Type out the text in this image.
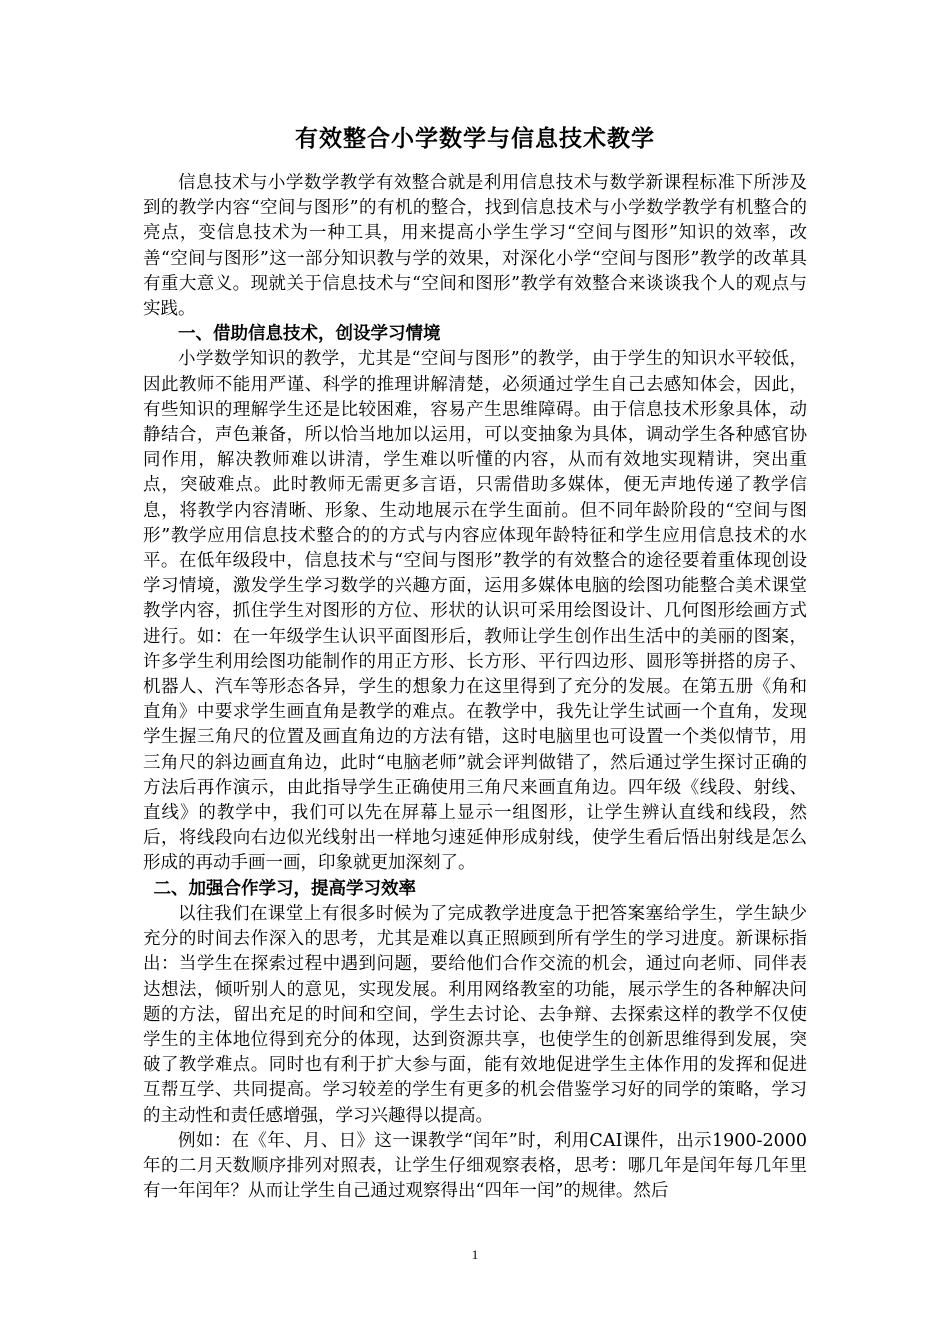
有效整合小学数学与信息技术教学

信息技术与小学数学教学有效整合就是利用信息技术与数学新课程标准下所涉及到的教学内容“空间与图形”的有机的整合，找到信息技术与小学数学教学有机整合的亮点，变信息技术为一种工具，用来提高小学生学习“空间与图形”知识的效率，改善“空间与图形”这一部分知识教与学的效果，对深化小学“空间与图形”教学的改革具有重大意义。现就关于信息技术与“空间和图形”教学有效整合来谈谈我个人的观点与实践。

一、借助信息技术，创设学习情境

小学数学知识的教学，尤其是“空间与图形”的教学，由于学生的知识水平较低，因此教师不能用严谨、科学的推理讲解清楚，必须通过学生自己去感知体会，因此，有些知识的理解学生还是比较困难，容易产生思维障碍。由于信息技术形象具体，动静结合，声色兼备，所以恰当地加以运用，可以变抽象为具体，调动学生各种感官协同作用，解决教师难以讲清，学生难以听懂的内容，从而有效地实现精讲，突出重点，突破难点。此时教师无需更多言语，只需借助多媒体，便无声地传递了教学信息，将教学内容清晰、形象、生动地展示在学生面前。但不同年龄阶段的“空间与图形”教学应用信息技术整合的的方式与内容应体现年龄特征和学生应用信息技术的水平。在低年级段中，信息技术与“空间与图形”教学的有效整合的途径要着重体现创设学习情境，激发学生学习数学的兴趣方面，运用多媒体电脑的绘图功能整合美术课堂教学内容，抓住学生对图形的方位、形状的认识可采用绘图设计、几何图形绘画方式进行。如：在一年级学生认识平面图形后，教师让学生创作出生活中的美丽的图案，许多学生利用绘图功能制作的用正方形、长方形、平行四边形、圆形等拼搭的房子、机器人、汽车等形态各异，学生的想象力在这里得到了充分的发展。在第五册《角和直角》中要求学生画直角是教学的难点。在教学中，我先让学生试画一个直角，发现学生握三角尺的位置及画直角边的方法有错，这时电脑里也可设置一个类似情节，用三角尺的斜边画直角边，此时“电脑老师”就会评判做错了，然后通过学生探讨正确的方法后再作演示，由此指导学生正确使用三角尺来画直角边。四年级《线段、射线、直线》的教学中，我们可以先在屏幕上显示一组图形，让学生辨认直线和线段，然后，将线段向右边似光线射出一样地匀速延伸形成射线，使学生看后悟出射线是怎么形成的再动手画一画，印象就更加深刻了。

二、加强合作学习，提高学习效率

以往我们在课堂上有很多时候为了完成教学进度急于把答案塞给学生，学生缺少充分的时间去作深入的思考，尤其是难以真正照顾到所有学生的学习进度。新课标指出：当学生在探索过程中遇到问题，要给他们合作交流的机会，通过向老师、同伴表达想法，倾听别人的意见，实现发展。利用网络教室的功能，展示学生的各种解决问题的方法，留出充足的时间和空间，学生去讨论、去争辩、去探索这样的教学不仅使学生的主体地位得到充分的体现，达到资源共享，也使学生的创新思维得到发展，突破了教学难点。同时也有利于扩大参与面，能有效地促进学生主体作用的发挥和促进互帮互学、共同提高。学习较差的学生有更多的机会借鉴学习好的同学的策略，学习的主动性和责任感增强，学习兴趣得以提高。

例如：在《年、月、日》这一课教学“闰年”时，利用CAI课件，出示1900-2000年的二月天数顺序排列对照表，让学生仔细观察表格，思考：哪几年是闰年每几年里有一年闰年？从而让学生自己通过观察得出“四年一闰”的规律。然后

1
